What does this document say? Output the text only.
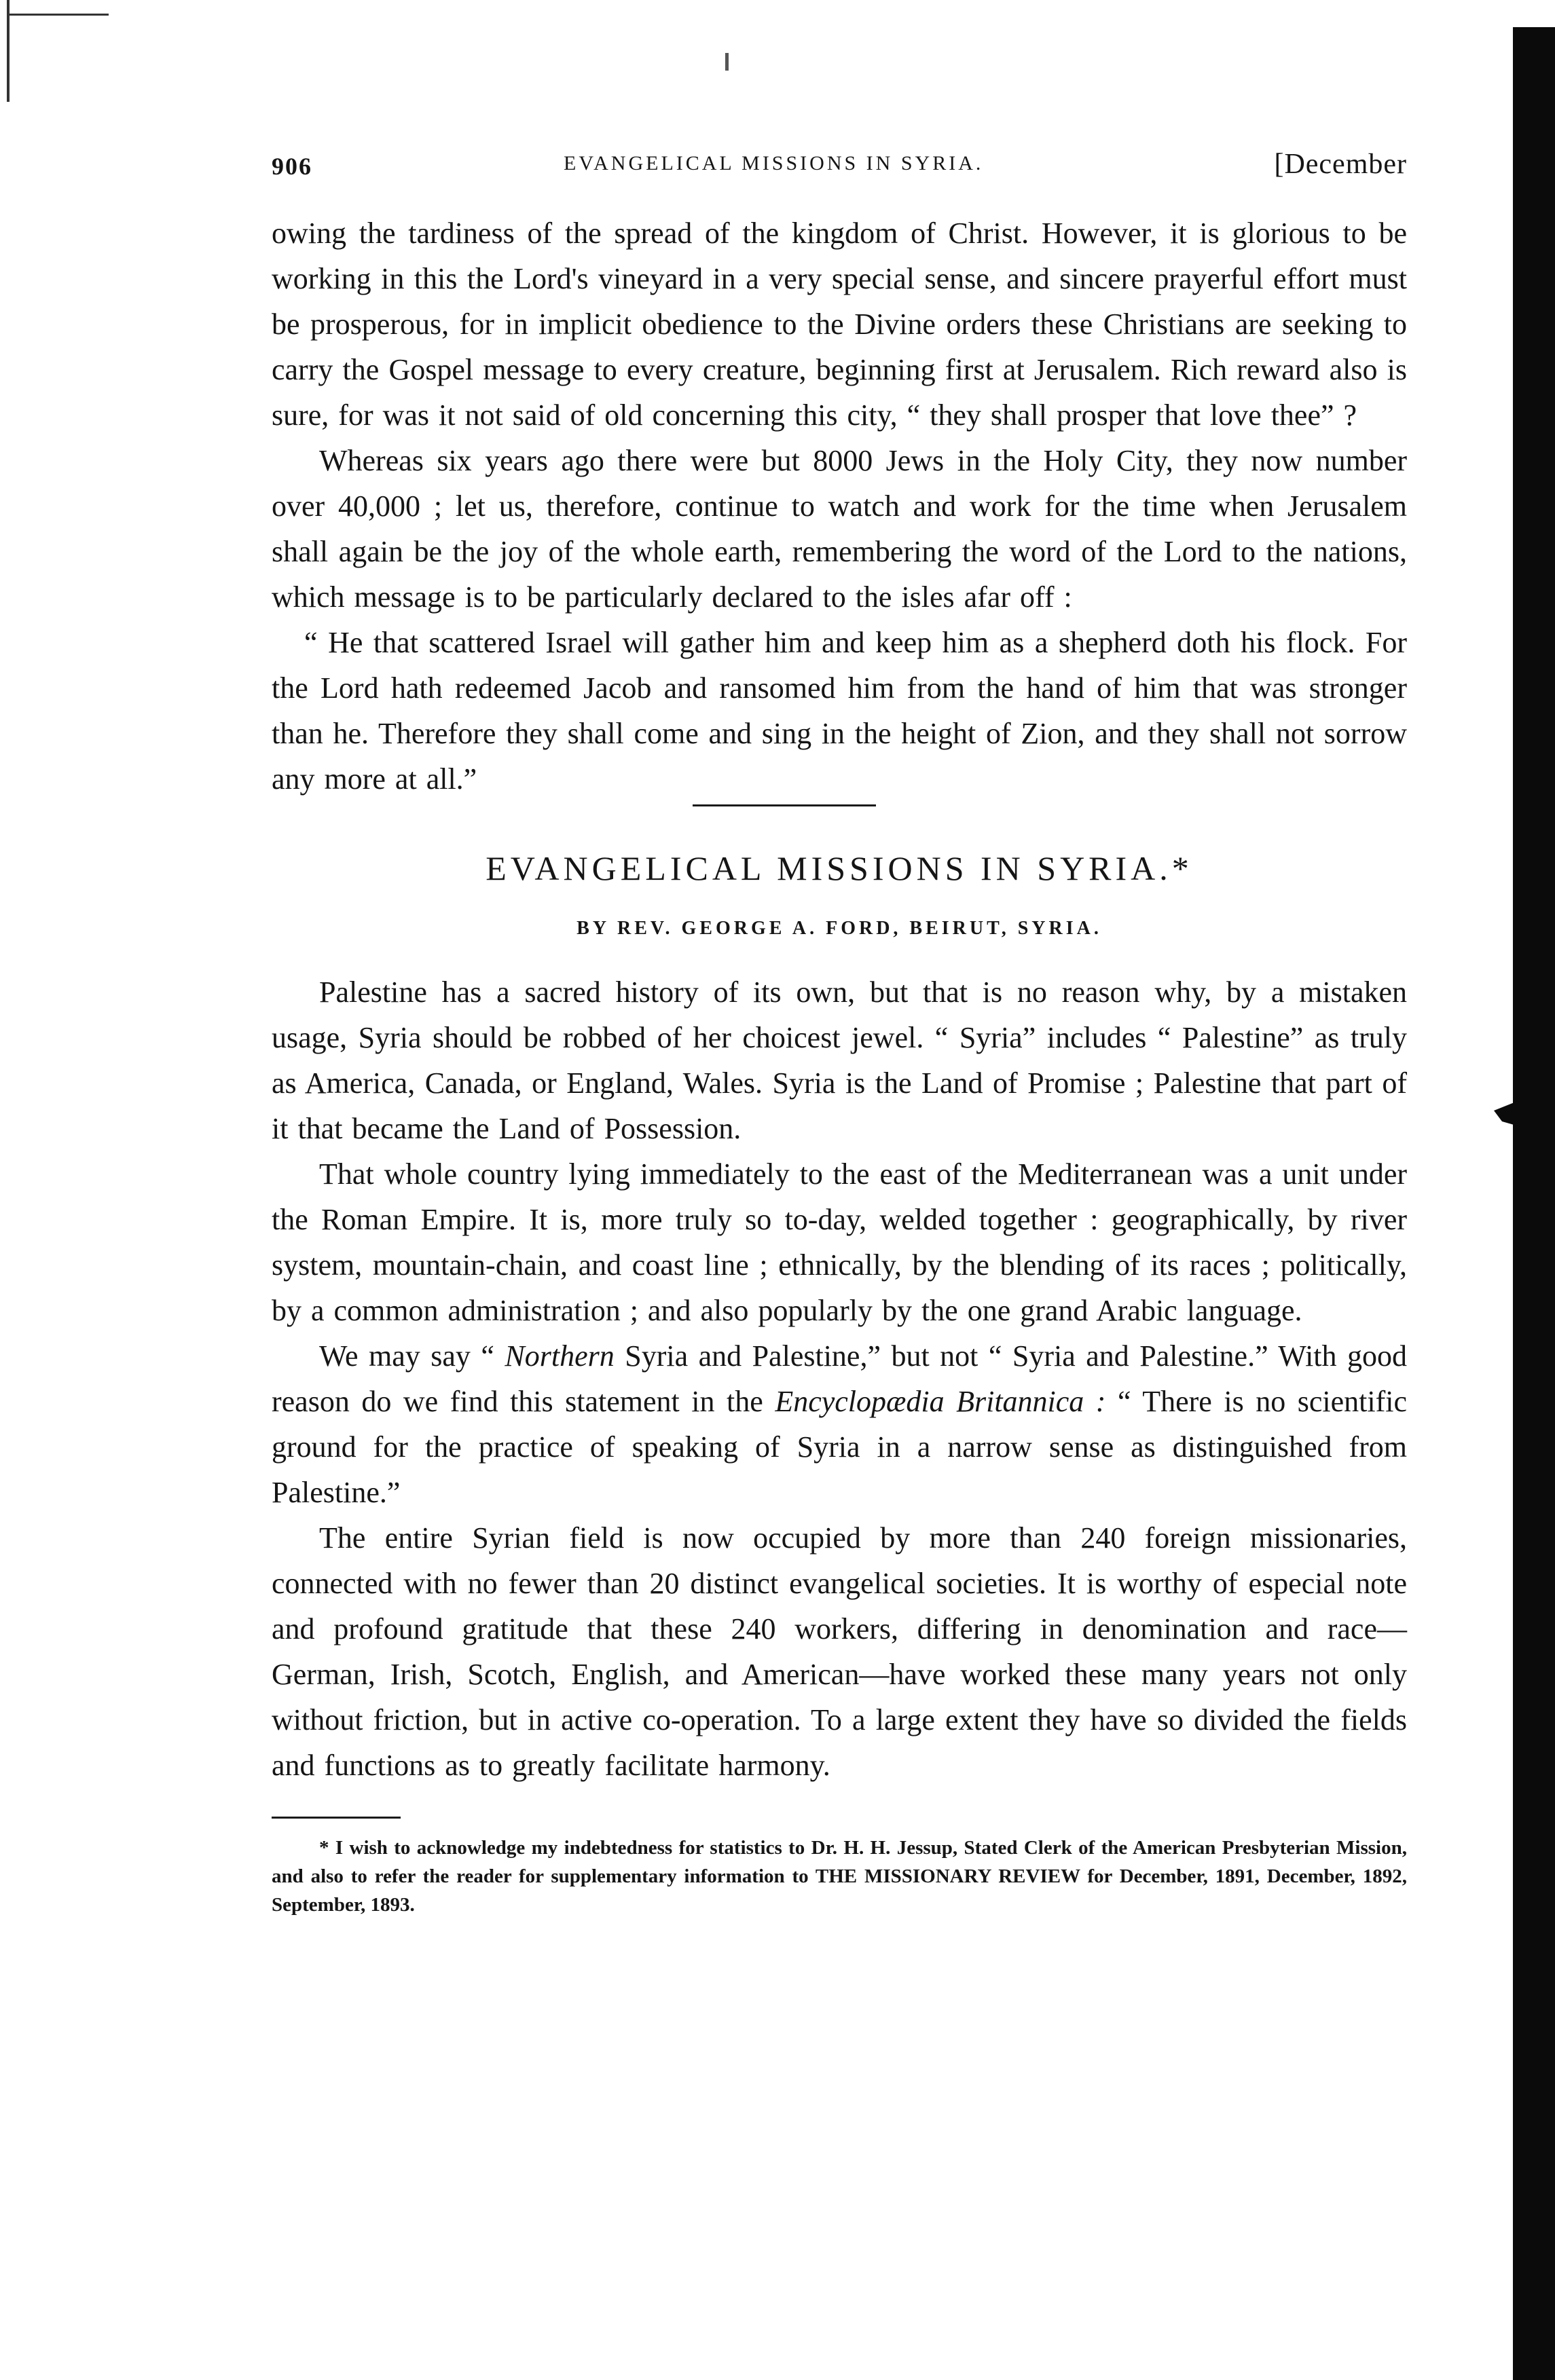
906	EVANGELICAL MISSIONS IN SYRIA.	[December

owing the tardiness of the spread of the kingdom of Christ. However, it is glorious to be working in this the Lord's vineyard in a very special sense, and sincere prayerful effort must be prosperous, for in implicit obedience to the Divine orders these Christians are seeking to carry the Gospel message to every creature, beginning first at Jerusalem. Rich reward also is sure, for was it not said of old concerning this city, “ they shall prosper that love thee” ?

Whereas six years ago there were but 8000 Jews in the Holy City, they now number over 40,000 ; let us, therefore, continue to watch and work for the time when Jerusalem shall again be the joy of the whole earth, remembering the word of the Lord to the nations, which message is to be particularly declared to the isles afar off :

“ He that scattered Israel will gather him and keep him as a shepherd doth his flock. For the Lord hath redeemed Jacob and ransomed him from the hand of him that was stronger than he. Therefore they shall come and sing in the height of Zion, and they shall not sorrow any more at all.”

EVANGELICAL MISSIONS IN SYRIA.*
BY REV. GEORGE A. FORD, BEIRUT, SYRIA.

Palestine has a sacred history of its own, but that is no reason why, by a mistaken usage, Syria should be robbed of her choicest jewel. “ Syria” includes “ Palestine” as truly as America, Canada, or England, Wales. Syria is the Land of Promise ; Palestine that part of it that became the Land of Possession.

That whole country lying immediately to the east of the Mediterranean was a unit under the Roman Empire. It is, more truly so to-day, welded together : geographically, by river system, mountain-chain, and coast line ; ethnically, by the blending of its races ; politically, by a common administration ; and also popularly by the one grand Arabic language.

We may say “ Northern Syria and Palestine,” but not “ Syria and Palestine.” With good reason do we find this statement in the Encyclopædia Britannica : “ There is no scientific ground for the practice of speaking of Syria in a narrow sense as distinguished from Palestine.”

The entire Syrian field is now occupied by more than 240 foreign missionaries, connected with no fewer than 20 distinct evangelical societies. It is worthy of especial note and profound gratitude that these 240 workers, differing in denomination and race—German, Irish, Scotch, English, and American—have worked these many years not only without friction, but in active co-operation. To a large extent they have so divided the fields and functions as to greatly facilitate harmony.

* I wish to acknowledge my indebtedness for statistics to Dr. H. H. Jessup, Stated Clerk of the American Presbyterian Mission, and also to refer the reader for supplementary information to THE MISSIONARY REVIEW for December, 1891, December, 1892, September, 1893.
